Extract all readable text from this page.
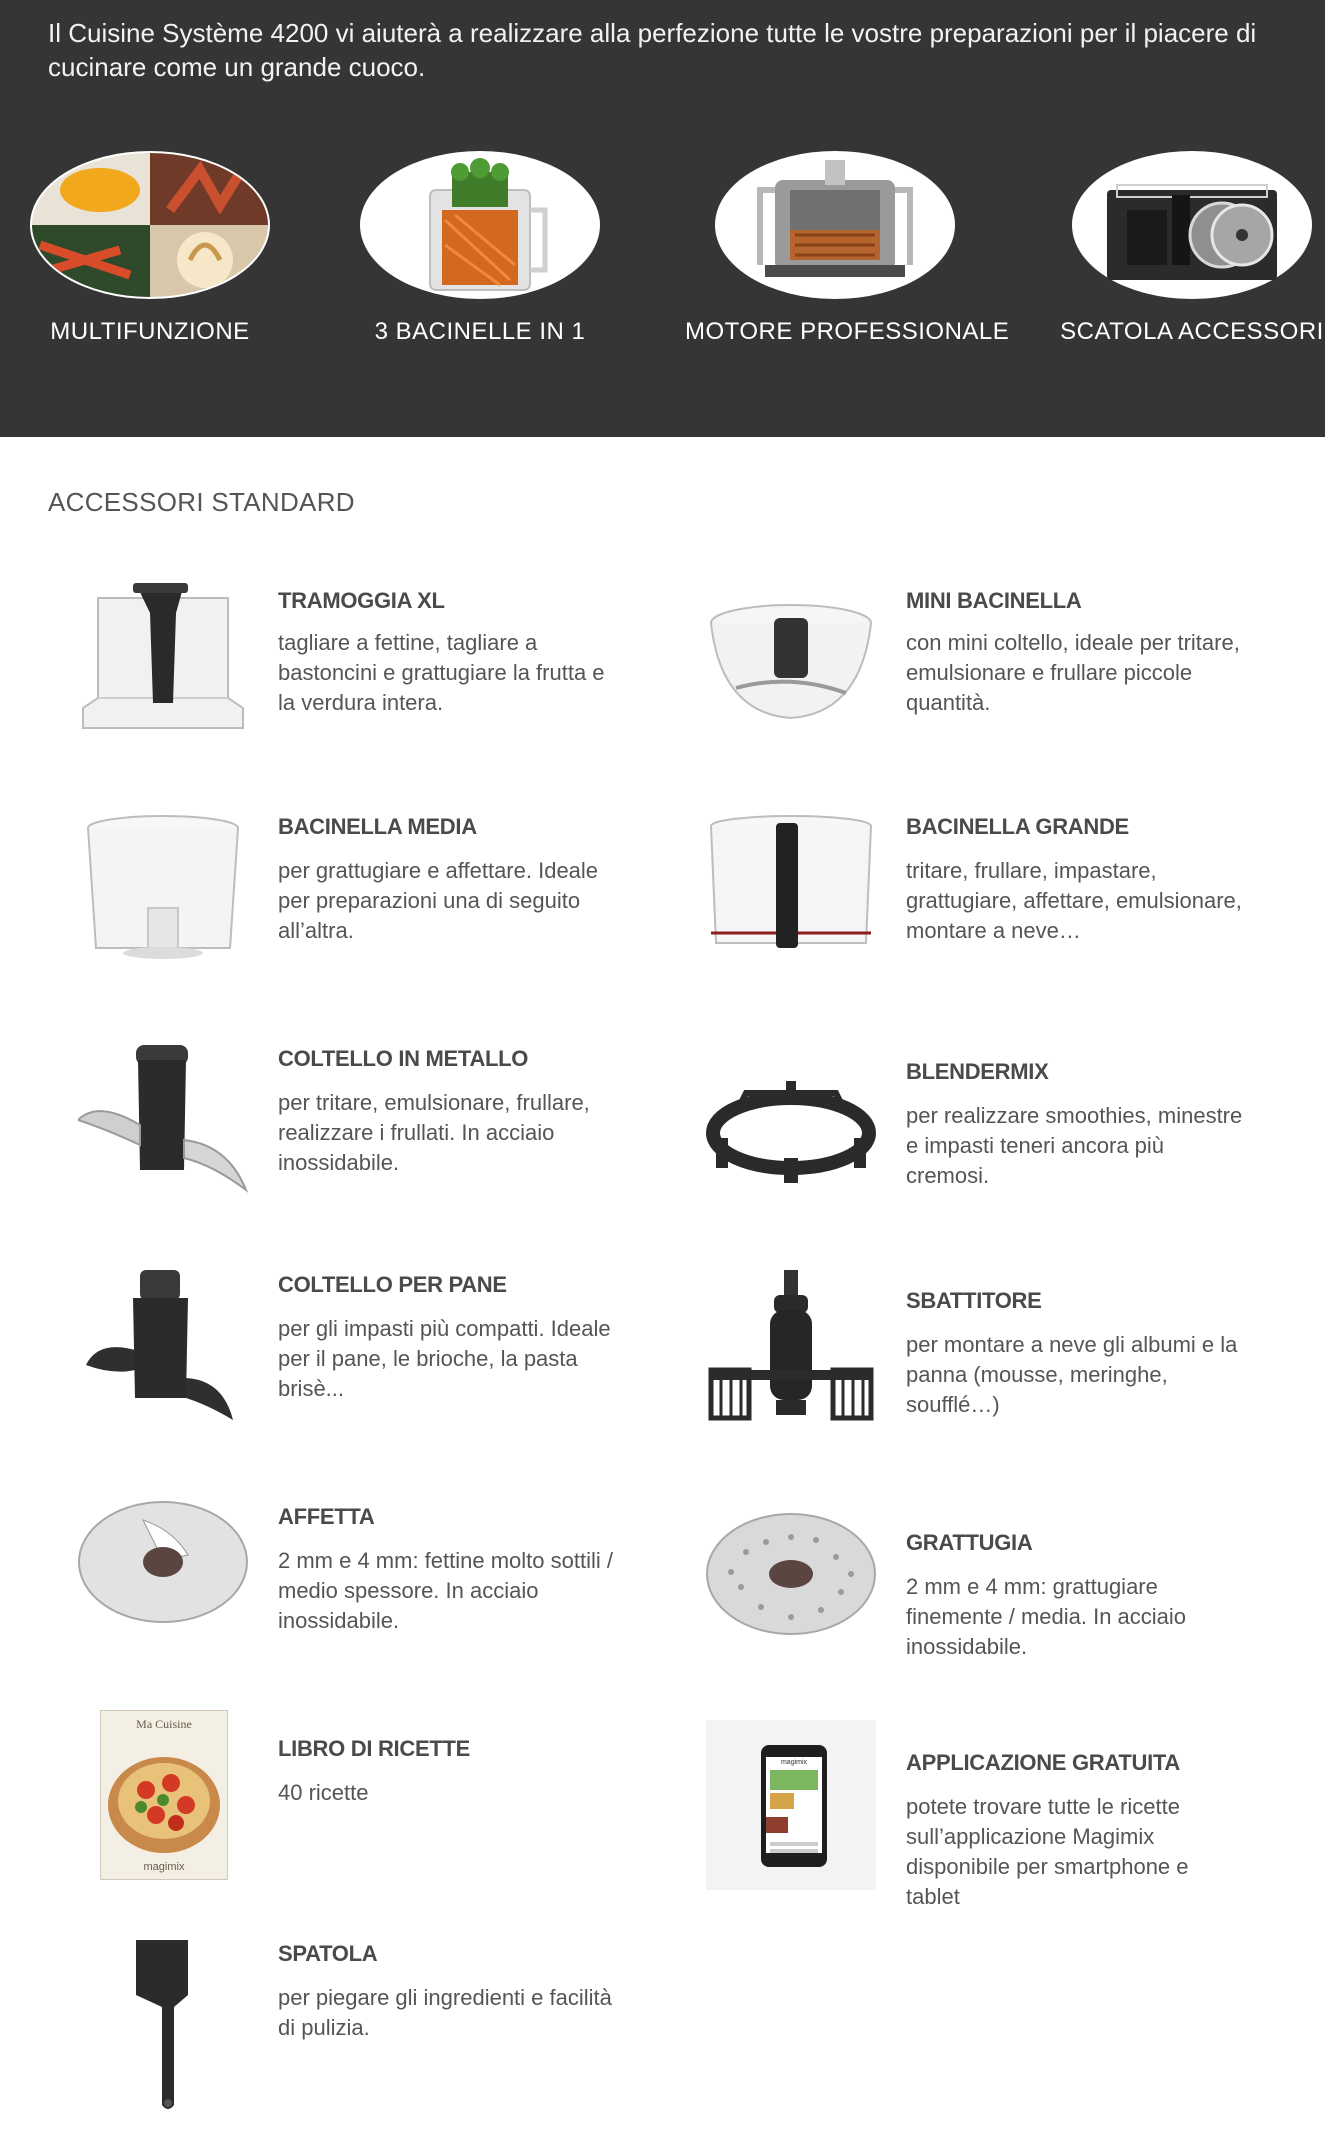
Il Cuisine Système 4200 vi aiuterà a realizzare alla perfezione tutte le vostre preparazioni per il piacere di cucinare come un grande cuoco.

MULTIFUNZIONE	3 BACINELLE IN 1	MOTORE PROFESSIONALE	SCATOLA ACCESSORI
ACCESSORI STANDARD
TRAMOGGIA XL

tagliare a fettine, tagliare a bastoncini e grattugiare la frutta e la verdura intera.

MINI BACINELLA

con mini coltello, ideale per tritare, emulsionare e frullare piccole quantità.

BACINELLA MEDIA

per grattugiare e affettare. Ideale per preparazioni una di seguito all’altra.

BACINELLA GRANDE

tritare, frullare, impastare, grattugiare, affettare, emulsionare, montare a neve…

COLTELLO IN METALLO

per tritare, emulsionare, frullare, realizzare i frullati. In acciaio inossidabile.

BLENDERMIX

per realizzare smoothies, minestre e impasti teneri ancora più cremosi.

COLTELLO PER PANE

per gli impasti più compatti. Ideale per il pane, le brioche, la pasta brisè...

SBATTITORE

per montare a neve gli albumi e la panna (mousse, meringhe, soufflé…)

AFFETTA

2 mm e 4 mm: fettine molto sottili / medio spessore. In acciaio inossidabile.

GRATTUGIA

2 mm e 4 mm: grattugiare finemente / media. In acciaio inossidabile.

Ma Cuisine
magimix
LIBRO DI RICETTE

40 ricette

magimix
	APPLICAZIONE GRATUITA

potete trovare tutte le ricette sull’applicazione Magimix disponibile per smartphone e tablet

SPATOLA

per piegare gli ingredienti e facilità di pulizia.
